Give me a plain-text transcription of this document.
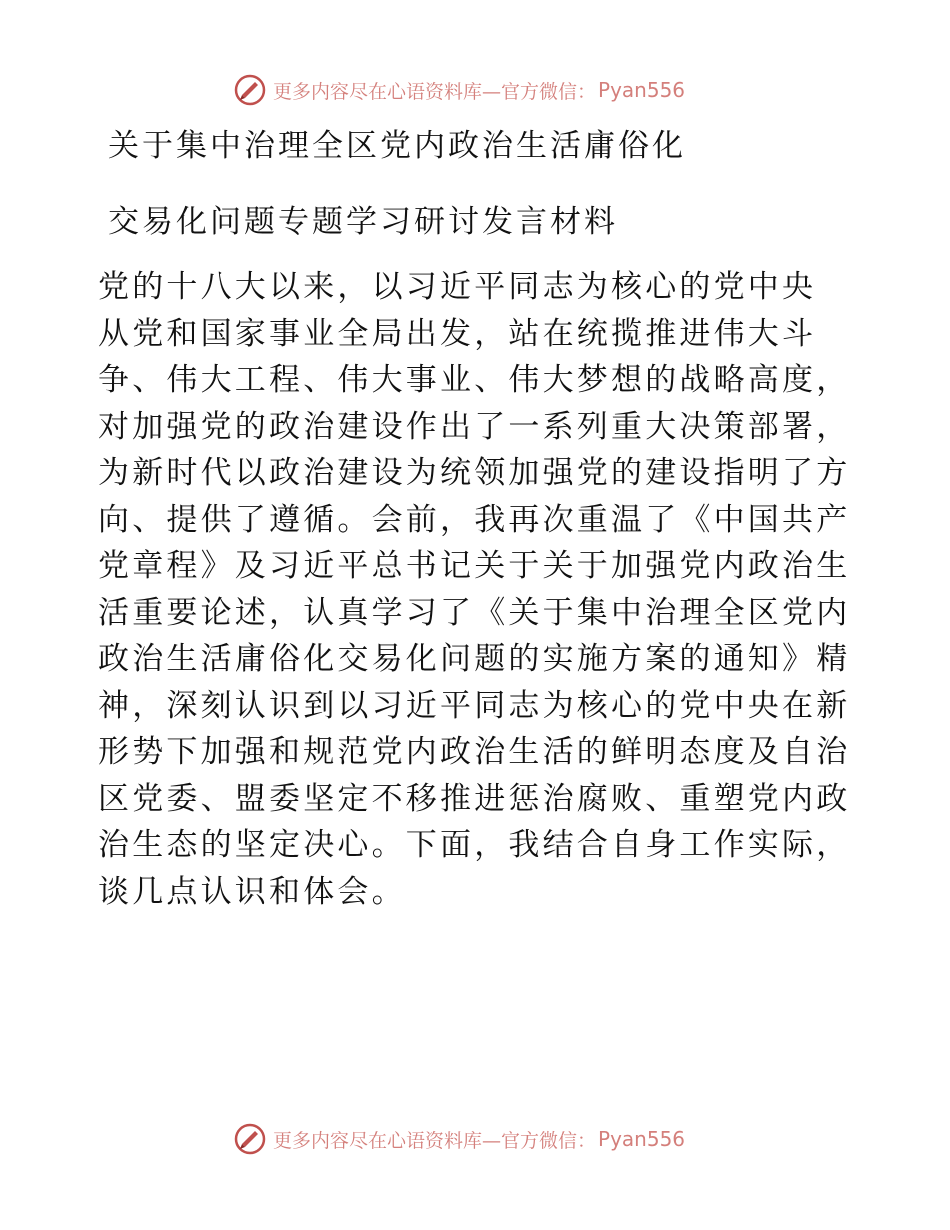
更多内容尽在心语资料库—官方微信： Pyan556
关于集中治理全区党内政治生活庸俗化
交易化问题专题学习研讨发言材料
党的十八大以来，以习近平同志为核心的党中央
从党和国家事业全局出发，站在统揽推进伟大斗
争、伟大工程、伟大事业、伟大梦想的战略高度，
对加强党的政治建设作出了一系列重大决策部署，
为新时代以政治建设为统领加强党的建设指明了方
向、提供了遵循。会前，我再次重温了《中国共产
党章程》及习近平总书记关于关于加强党内政治生
活重要论述，认真学习了《关于集中治理全区党内
政治生活庸俗化交易化问题的实施方案的通知》精
神，深刻认识到以习近平同志为核心的党中央在新
形势下加强和规范党内政治生活的鲜明态度及自治
区党委、盟委坚定不移推进惩治腐败、重塑党内政
治生态的坚定决心。下面，我结合自身工作实际，
谈几点认识和体会。
更多内容尽在心语资料库—官方微信： Pyan556
